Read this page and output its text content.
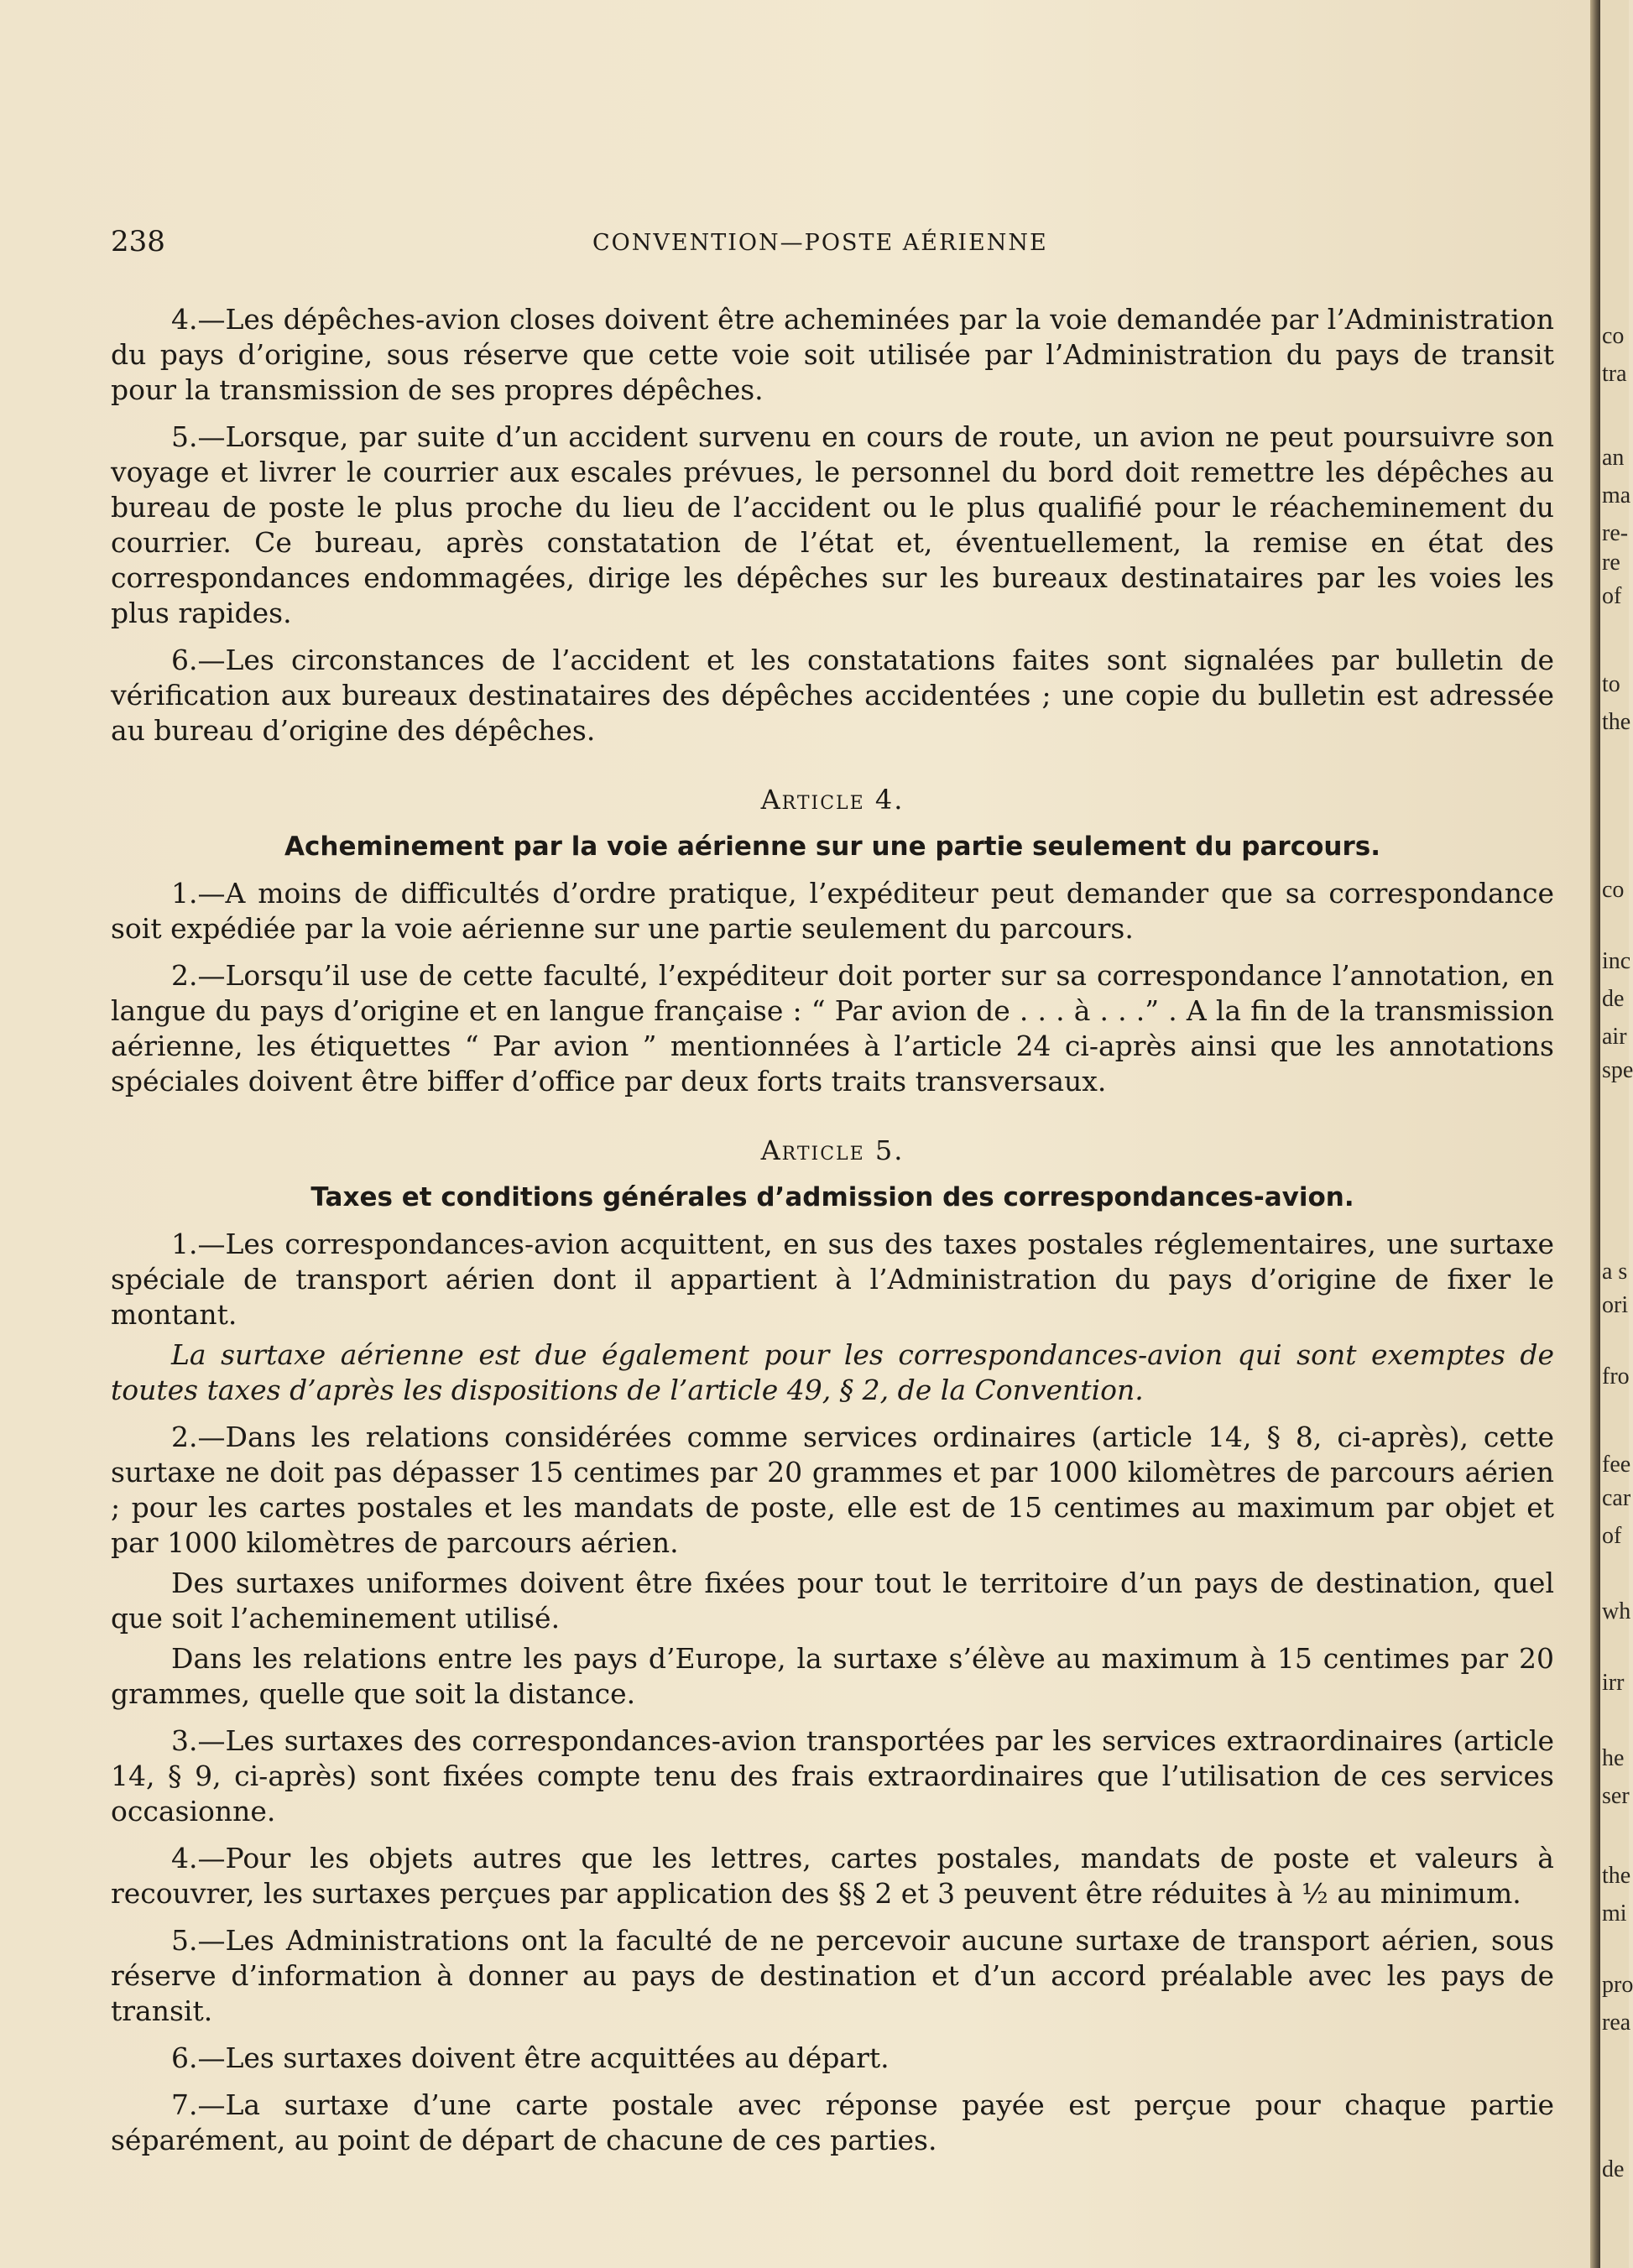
238	CONVENTION—POSTE AÉRIENNE

4.—Les dépêches-avion closes doivent être acheminées par la voie demandée par l’Administration du pays d’origine, sous réserve que cette voie soit utilisée par l’Administration du pays de transit pour la transmission de ses propres dépêches.

5.—Lorsque, par suite d’un accident survenu en cours de route, un avion ne peut poursuivre son voyage et livrer le courrier aux escales prévues, le personnel du bord doit remettre les dépêches au bureau de poste le plus proche du lieu de l’accident ou le plus qualifié pour le réacheminement du courrier. Ce bureau, après constatation de l’état et, éventuellement, la remise en état des correspondances endommagées, dirige les dépêches sur les bureaux destinataires par les voies les plus rapides.

6.—Les circonstances de l’accident et les constatations faites sont signalées par bulletin de vérification aux bureaux destinataires des dépêches accidentées ; une copie du bulletin est adressée au bureau d’origine des dépêches.

Article 4.
Acheminement par la voie aérienne sur une partie seulement du parcours.

1.—A moins de difficultés d’ordre pratique, l’expéditeur peut demander que sa correspondance soit expédiée par la voie aérienne sur une partie seulement du parcours.

2.—Lorsqu’il use de cette faculté, l’expéditeur doit porter sur sa correspondance l’annotation, en langue du pays d’origine et en langue française : “ Par avion de . . . à . . .” . A la fin de la transmission aérienne, les étiquettes “ Par avion ” mentionnées à l’article 24 ci-après ainsi que les annotations spéciales doivent être biffer d’office par deux forts traits transversaux.

Article 5.
Taxes et conditions générales d’admission des correspondances-avion.

1.—Les correspondances-avion acquittent, en sus des taxes postales réglementaires, une surtaxe spéciale de transport aérien dont il appartient à l’Administration du pays d’origine de fixer le montant.

La surtaxe aérienne est due également pour les correspondances-avion qui sont exemptes de toutes taxes d’après les dispositions de l’article 49, § 2, de la Convention.

2.—Dans les relations considérées comme services ordinaires (article 14, § 8, ci-après), cette surtaxe ne doit pas dépasser 15 centimes par 20 grammes et par 1000 kilomètres de parcours aérien ; pour les cartes postales et les mandats de poste, elle est de 15 centimes au maximum par objet et par 1000 kilomètres de parcours aérien.

Des surtaxes uniformes doivent être fixées pour tout le territoire d’un pays de destination, quel que soit l’acheminement utilisé.

Dans les relations entre les pays d’Europe, la surtaxe s’élève au maximum à 15 centimes par 20 grammes, quelle que soit la distance.

3.—Les surtaxes des correspondances-avion transportées par les services extraordinaires (article 14, § 9, ci-après) sont fixées compte tenu des frais extraordinaires que l’utilisation de ces services occasionne.

4.—Pour les objets autres que les lettres, cartes postales, mandats de poste et valeurs à recouvrer, les surtaxes perçues par application des §§ 2 et 3 peuvent être réduites à ½ au minimum.

5.—Les Administrations ont la faculté de ne percevoir aucune surtaxe de transport aérien, sous réserve d’information à donner au pays de destination et d’un accord préalable avec les pays de transit.

6.—Les surtaxes doivent être acquittées au départ.

7.—La surtaxe d’une carte postale avec réponse payée est perçue pour chaque partie séparément, au point de départ de chacune de ces parties.

co
tra
an
ma
re-
re
of
to
the
co
inc
de
air
spe
a s
ori
fro
fee
car
of
wh
irr
he
ser
the
mi
pro
rea
de
